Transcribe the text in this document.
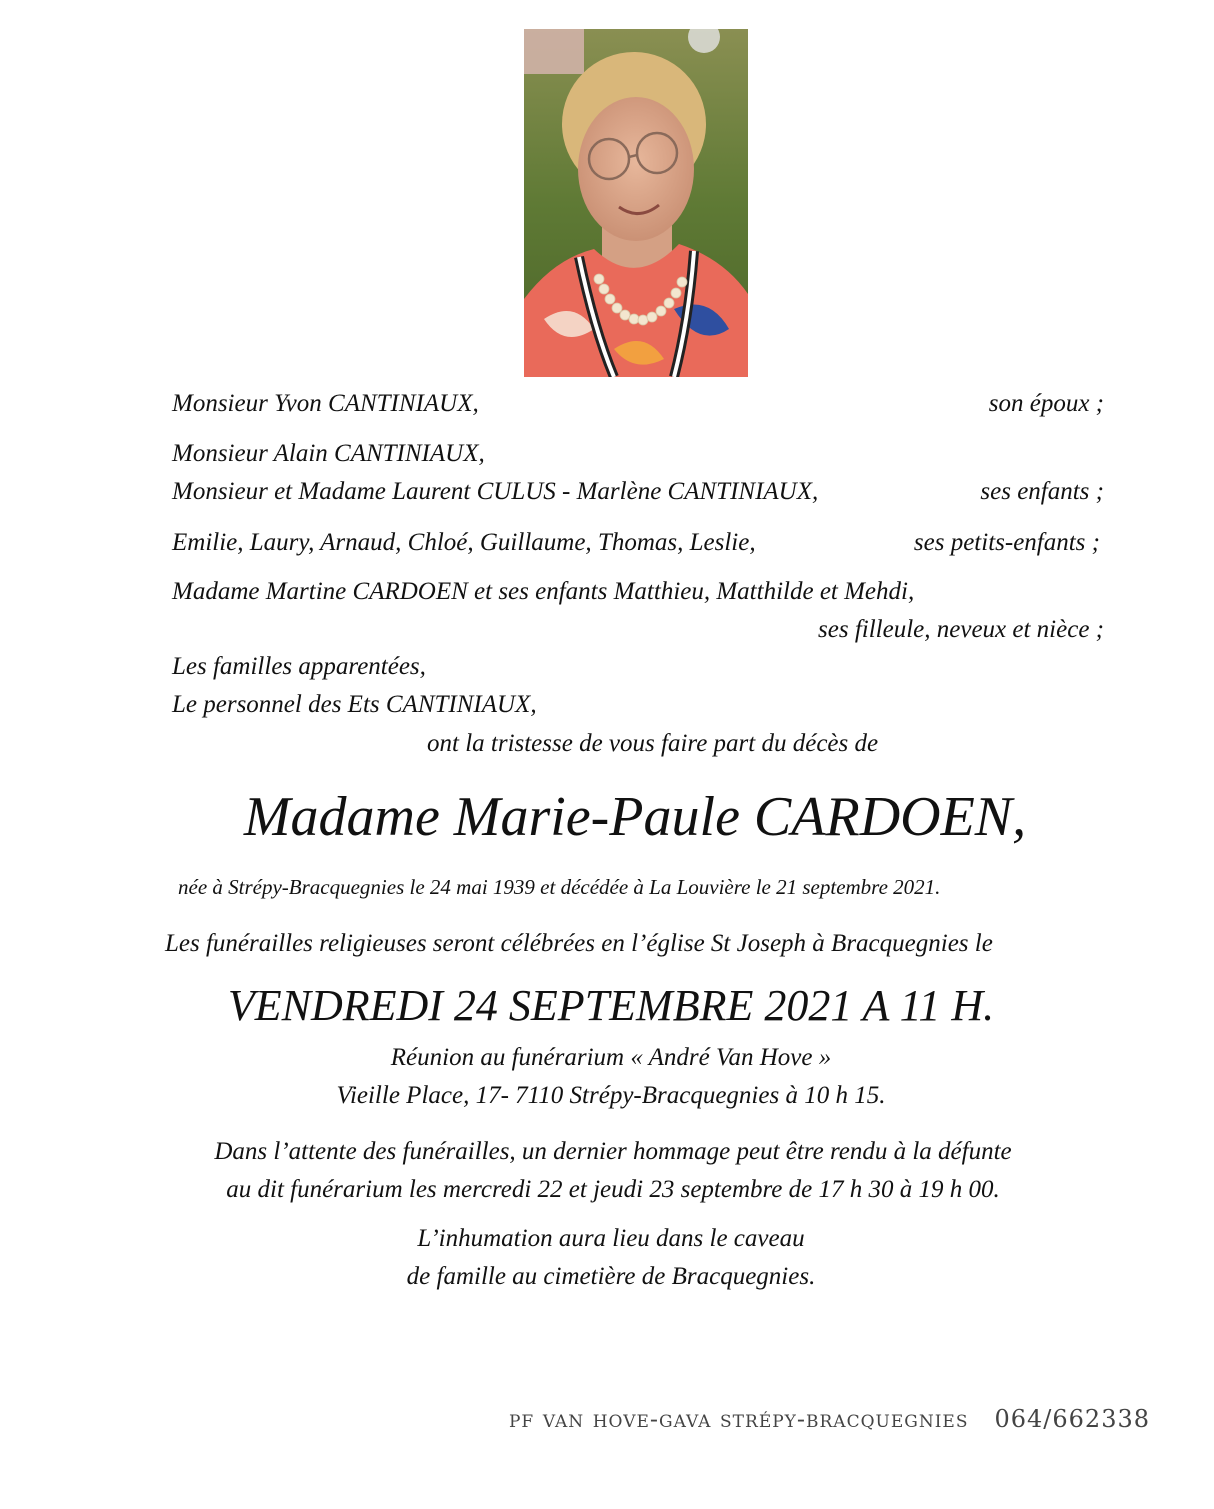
Monsieur Yvon CANTINIAUX,	son époux ;
Monsieur Alain CANTINIAUX,
Monsieur et Madame Laurent CULUS - Marlène CANTINIAUX,	ses enfants ;
Emilie, Laury, Arnaud, Chloé, Guillaume, Thomas, Leslie,	ses petits-enfants ;
Madame Martine CARDOEN et ses enfants Matthieu, Matthilde et Mehdi,
ses filleule, neveux et nièce ;
Les familles apparentées,
Le personnel des Ets CANTINIAUX,
ont la tristesse de vous faire part du décès de
Madame Marie-Paule CARDOEN,
née à Strépy-Bracquegnies le 24 mai 1939 et décédée à La Louvière le 21 septembre 2021.
Les funérailles religieuses seront célébrées en l’église St Joseph à Bracquegnies le
VENDREDI 24 SEPTEMBRE 2021 A 11 H.
Réunion au funérarium « André Van Hove »
Vieille Place, 17- 7110 Strépy-Bracquegnies à 10 h 15.
Dans l’attente des funérailles, un dernier hommage peut être rendu à la défunte
au dit funérarium les mercredi 22 et jeudi 23 septembre de 17 h 30 à 19 h 00.
L’inhumation aura lieu dans le caveau
de famille au cimetière de Bracquegnies.
pf van hove-gava strépy-bracquegnies 064/662338
